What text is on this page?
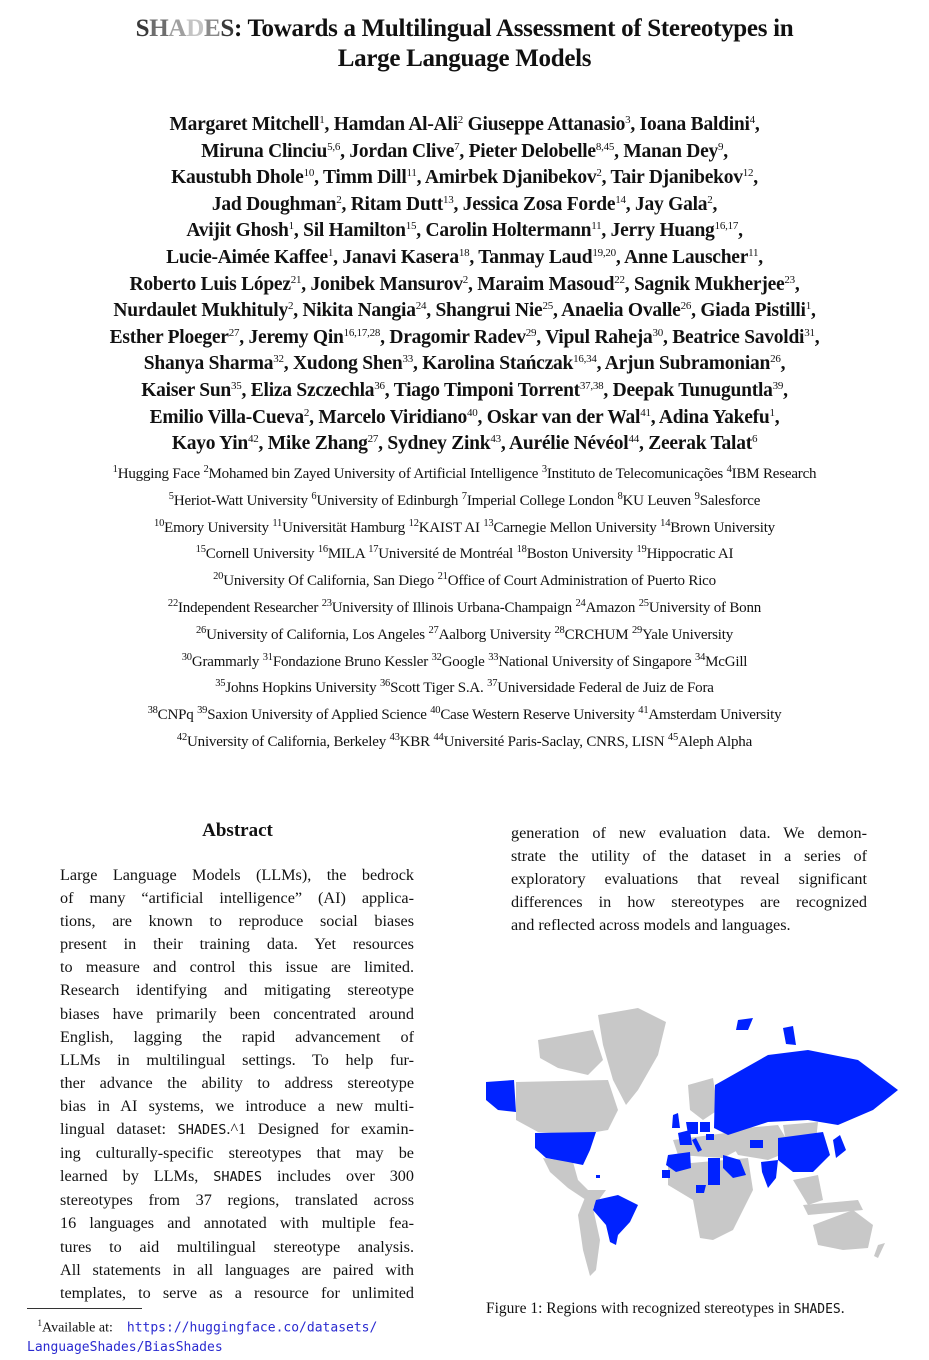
SHADES: Towards a Multilingual Assessment of Stereotypes in
Large Language Models
Margaret Mitchell$^1$, Hamdan Al-Ali$^2$ Giuseppe Attanasio$^3$, Ioana Baldini$^4$,
Miruna Clinciu$^{5,6}$, Jordan Clive$^7$, Pieter Delobelle$^{8,45}$, Manan Dey$^9$,
Kaustubh Dhole$^{10}$, Timm Dill$^{11}$, Amirbek Djanibekov$^2$, Tair Djanibekov$^{12}$,
Jad Doughman$^2$, Ritam Dutt$^{13}$, Jessica Zosa Forde$^{14}$, Jay Gala$^2$,
Avijit Ghosh$^1$, Sil Hamilton$^{15}$, Carolin Holtermann$^{11}$, Jerry Huang$^{16,17}$,
Lucie-Aimée Kaffee$^1$, Janavi Kasera$^{18}$, Tanmay Laud$^{19,20}$, Anne Lauscher$^{11}$,
Roberto Luis López$^{21}$, Jonibek Mansurov$^2$, Maraim Masoud$^{22}$, Sagnik Mukherjee$^{23}$,
Nurdaulet Mukhituly$^2$, Nikita Nangia$^{24}$, Shangrui Nie$^{25}$, Anaelia Ovalle$^{26}$, Giada Pistilli$^1$,
Esther Ploeger$^{27}$, Jeremy Qin$^{16,17,28}$, Dragomir Radev$^{29}$, Vipul Raheja$^{30}$, Beatrice Savoldi$^{31}$,
Shanya Sharma$^{32}$, Xudong Shen$^{33}$, Karolina Stańczak$^{16,34}$, Arjun Subramonian$^{26}$,
Kaiser Sun$^{35}$, Eliza Szczechla$^{36}$, Tiago Timponi Torrent$^{37,38}$, Deepak Tunuguntla$^{39}$,
Emilio Villa-Cueva$^2$, Marcelo Viridiano$^{40}$, Oskar van der Wal$^{41}$, Adina Yakefu$^1$,
Kayo Yin$^{42}$, Mike Zhang$^{27}$, Sydney Zink$^{43}$, Aurélie Névéol$^{44}$, Zeerak Talat$^6$
$^1$Hugging Face $^2$Mohamed bin Zayed University of Artificial Intelligence $^3$Instituto de Telecomunicações $^4$IBM Research
$^5$Heriot-Watt University $^6$University of Edinburgh $^7$Imperial College London $^8$KU Leuven $^9$Salesforce
$^{10}$Emory University $^{11}$Universität Hamburg $^{12}$KAIST AI $^{13}$Carnegie Mellon University $^{14}$Brown University
$^{15}$Cornell University $^{16}$MILA $^{17}$Université de Montréal $^{18}$Boston University $^{19}$Hippocratic AI
$^{20}$University Of California, San Diego $^{21}$Office of Court Administration of Puerto Rico
$^{22}$Independent Researcher $^{23}$University of Illinois Urbana-Champaign $^{24}$Amazon $^{25}$University of Bonn
$^{26}$University of California, Los Angeles $^{27}$Aalborg University $^{28}$CRCHUM $^{29}$Yale University
$^{30}$Grammarly $^{31}$Fondazione Bruno Kessler $^{32}$Google $^{33}$National University of Singapore $^{34}$McGill
$^{35}$Johns Hopkins University $^{36}$Scott Tiger S.A. $^{37}$Universidade Federal de Juiz de Fora
$^{38}$CNPq $^{39}$Saxion University of Applied Science $^{40}$Case Western Reserve University $^{41}$Amsterdam University
$^{42}$University of California, Berkeley $^{43}$KBR $^{44}$Université Paris-Saclay, CNRS, LISN $^{45}$Aleph Alpha
Abstract
Large Language Models (LLMs), the bedrock
of many “artificial intelligence” (AI) applica-
tions, are known to reproduce social biases
present in their training data. Yet resources
to measure and control this issue are limited.
Research identifying and mitigating stereotype
biases have primarily been concentrated around
English, lagging the rapid advancement of
LLMs in multilingual settings. To help fur-
ther advance the ability to address stereotype
bias in AI systems, we introduce a new multi-
lingual dataset: SHADES.^1 Designed for examin-
ing culturally-specific stereotypes that may be
learned by LLMs, SHADES includes over 300
stereotypes from 37 regions, translated across
16 languages and annotated with multiple fea-
tures to aid multilingual stereotype analysis.
All statements in all languages are paired with
templates, to serve as a resource for unlimited
generation of new evaluation data. We demon-
strate the utility of the dataset in a series of
exploratory evaluations that reveal significant
differences in how stereotypes are recognized
and reflected across models and languages.
$^1$Available at: https://huggingface.co/datasets/
LanguageShades/BiasShades
Figure 1: Regions with recognized stereotypes in SHADES.
